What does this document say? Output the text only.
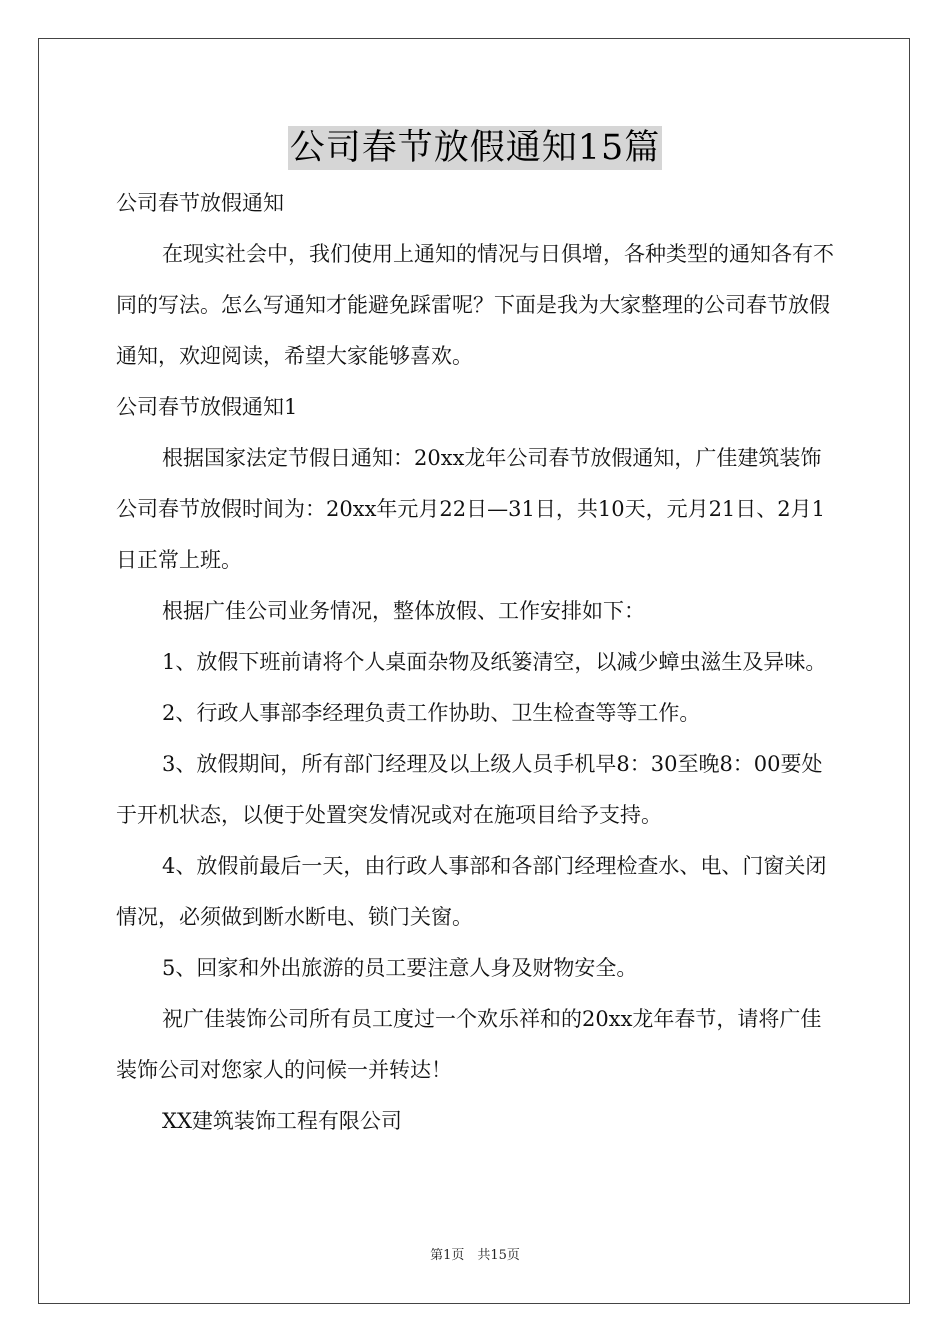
公司春节放假通知15篇

公司春节放假通知

在现实社会中，我们使用上通知的情况与日俱增，各种类型的通知各有不同的写法。怎么写通知才能避免踩雷呢？下面是我为大家整理的公司春节放假通知，欢迎阅读，希望大家能够喜欢。

公司春节放假通知1

根据国家法定节假日通知：20xx龙年公司春节放假通知，广佳建筑装饰公司春节放假时间为：20xx年元月22日—31日，共10天，元月21日、2月1日正常上班。

根据广佳公司业务情况，整体放假、工作安排如下：

1、放假下班前请将个人桌面杂物及纸篓清空，以减少蟑虫滋生及异味。

2、行政人事部李经理负责工作协助、卫生检查等等工作。

3、放假期间，所有部门经理及以上级人员手机早8：30至晚8：00要处于开机状态，以便于处置突发情况或对在施项目给予支持。

4、放假前最后一天，由行政人事部和各部门经理检查水、电、门窗关闭情况，必须做到断水断电、锁门关窗。

5、回家和外出旅游的员工要注意人身及财物安全。

祝广佳装饰公司所有员工度过一个欢乐祥和的20xx龙年春节，请将广佳装饰公司对您家人的问候一并转达！

XX建筑装饰工程有限公司

第1页　共15页
